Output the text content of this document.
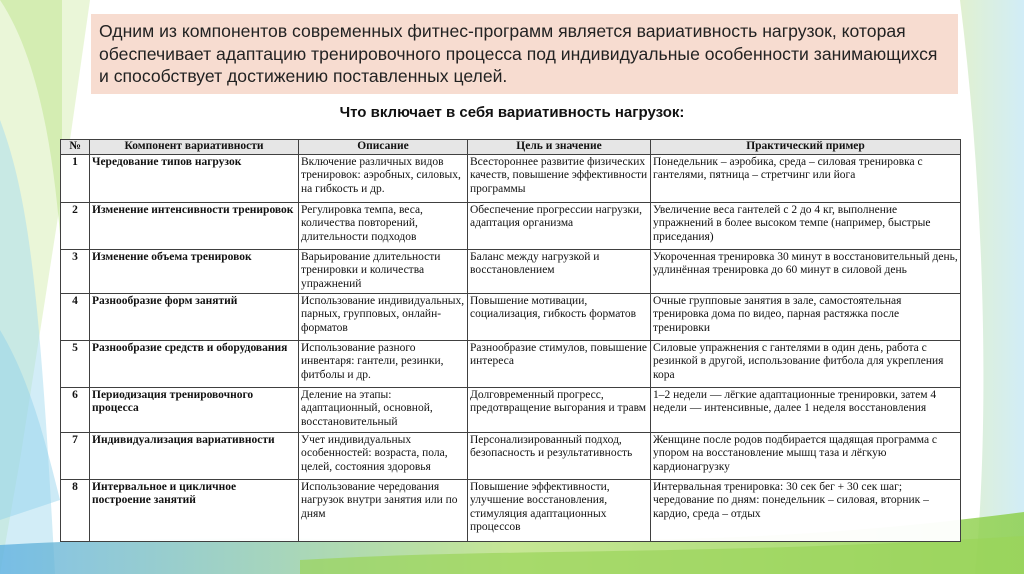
Одним из компонентов современных фитнес-программ является вариативность нагрузок, которая обеспечивает адаптацию тренировочного процесса под индивидуальные особенности занимающихся и способствует достижению поставленных целей.
Что включает в себя вариативность нагрузок:
№	Компонент вариативности	Описание	Цель и значение	Практический пример
1	Чередование типов нагрузок	Включение различных видов тренировок: аэробных, силовых, на гибкость и др.	Всестороннее развитие физических качеств, повышение эффективности программы	Понедельник – аэробика, среда – силовая тренировка с гантелями, пятница – стретчинг или йога
2	Изменение интенсивности тренировок	Регулировка темпа, веса, количества повторений, длительности подходов	Обеспечение прогрессии нагрузки, адаптация организма	Увеличение веса гантелей с 2 до 4 кг, выполнение упражнений в более высоком темпе (например, быстрые приседания)
3	Изменение объема тренировок	Варьирование длительности тренировки и количества упражнений	Баланс между нагрузкой и восстановлением	Укороченная тренировка 30 минут в восстановительный день, удлинённая тренировка до 60 минут в силовой день
4	Разнообразие форм занятий	Использование индивидуальных, парных, групповых, онлайн-форматов	Повышение мотивации, социализация, гибкость форматов	Очные групповые занятия в зале, самостоятельная тренировка дома по видео, парная растяжка после тренировки
5	Разнообразие средств и оборудования	Использование разного инвентаря: гантели, резинки, фитболы и др.	Разнообразие стимулов, повышение интереса	Силовые упражнения с гантелями в один день, работа с резинкой в другой, использование фитбола для укрепления кора
6	Периодизация тренировочного процесса	Деление на этапы: адаптационный, основной, восстановительный	Долговременный прогресс, предотвращение выгорания и травм	1–2 недели — лёгкие адаптационные тренировки, затем 4 недели — интенсивные, далее 1 неделя восстановления
7	Индивидуализация вариативности	Учет индивидуальных особенностей: возраста, пола, целей, состояния здоровья	Персонализированный подход, безопасность и результативность	Женщине после родов подбирается щадящая программа с упором на восстановление мышц таза и лёгкую кардионагрузку
8	Интервальное и цикличное построение занятий	Использование чередования нагрузок внутри занятия или по дням	Повышение эффективности, улучшение восстановления, стимуляция адаптационных процессов	Интервальная тренировка: 30 сек бег + 30 сек шаг; чередование по дням: понедельник – силовая, вторник – кардио, среда – отдых
